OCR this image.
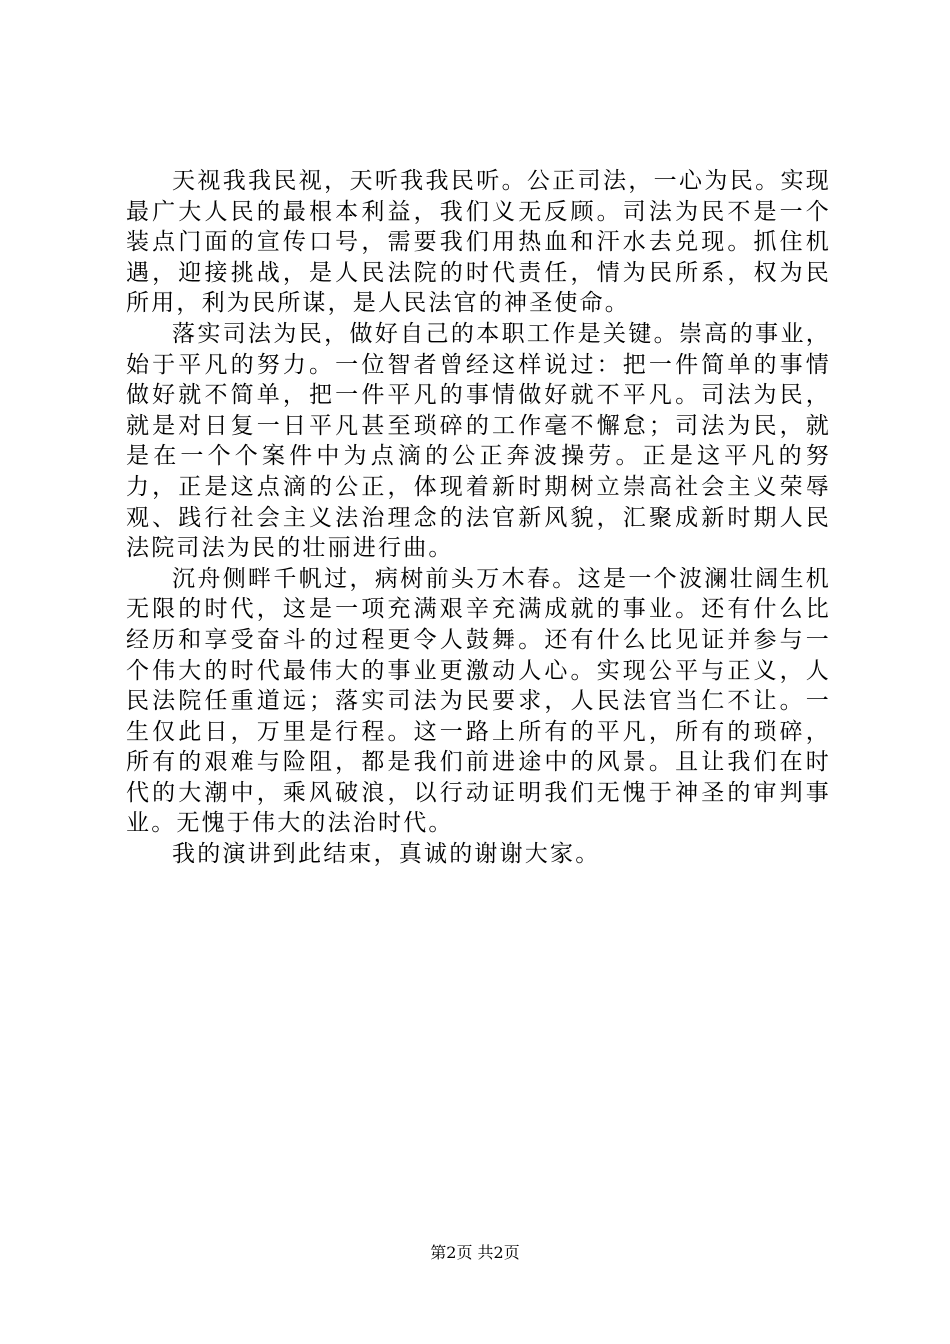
天视我我民视，天听我我民听。公正司法，一心为民。实现最广大人民的最根本利益，我们义无反顾。司法为民不是一个装点门面的宣传口号，需要我们用热血和汗水去兑现。抓住机遇，迎接挑战，是人民法院的时代责任，情为民所系，权为民所用，利为民所谋，是人民法官的神圣使命。

落实司法为民，做好自己的本职工作是关键。崇高的事业，始于平凡的努力。一位智者曾经这样说过：把一件简单的事情做好就不简单，把一件平凡的事情做好就不平凡。司法为民，就是对日复一日平凡甚至琐碎的工作毫不懈怠；司法为民，就是在一个个案件中为点滴的公正奔波操劳。正是这平凡的努力，正是这点滴的公正，体现着新时期树立崇高社会主义荣辱观、践行社会主义法治理念的法官新风貌，汇聚成新时期人民法院司法为民的壮丽进行曲。

沉舟侧畔千帆过，病树前头万木春。这是一个波澜壮阔生机无限的时代，这是一项充满艰辛充满成就的事业。还有什么比经历和享受奋斗的过程更令人鼓舞。还有什么比见证并参与一个伟大的时代最伟大的事业更激动人心。实现公平与正义，人民法院任重道远；落实司法为民要求，人民法官当仁不让。一生仅此日，万里是行程。这一路上所有的平凡，所有的琐碎，所有的艰难与险阻，都是我们前进途中的风景。且让我们在时代的大潮中，乘风破浪，以行动证明我们无愧于神圣的审判事业。无愧于伟大的法治时代。

我的演讲到此结束，真诚的谢谢大家。

第2页 共2页
